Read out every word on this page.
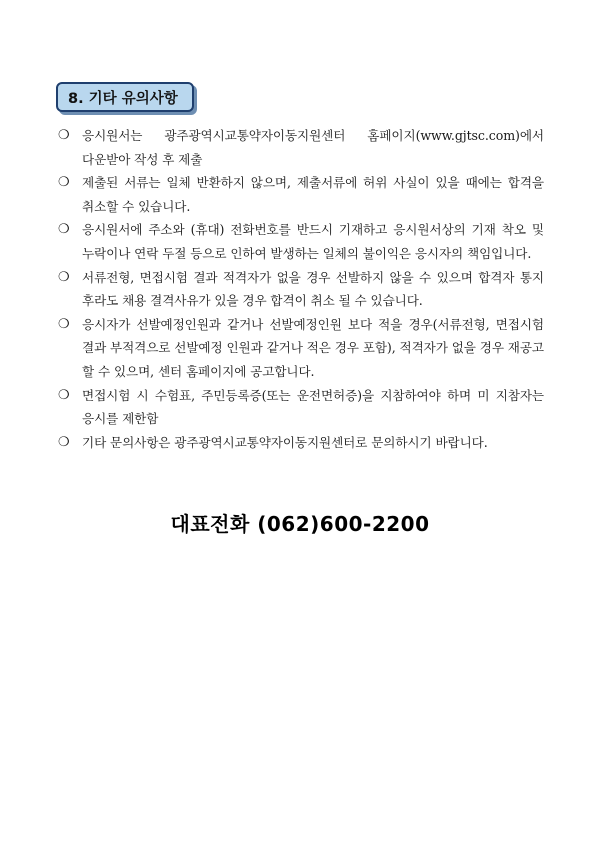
8. 기타 유의사항
❍ 응시원서는 광주광역시교통약자이동지원센터 홈페이지(www.gjtsc.com)에서 다운받아 작성 후 제출
❍ 제출된 서류는 일체 반환하지 않으며, 제출서류에 허위 사실이 있을 때에는 합격을 취소할 수 있습니다.
❍ 응시원서에 주소와 (휴대) 전화번호를 반드시 기재하고 응시원서상의 기재 착오 및 누락이나 연락 두절 등으로 인하여 발생하는 일체의 불이익은 응시자의 책임입니다.
❍ 서류전형, 면접시험 결과 적격자가 없을 경우 선발하지 않을 수 있으며 합격자 통지 후라도 채용 결격사유가 있을 경우 합격이 취소 될 수 있습니다.
❍ 응시자가 선발예정인원과 같거나 선발예정인원 보다 적을 경우(서류전형, 면접시험 결과 부적격으로 선발예정 인원과 같거나 적은 경우 포함), 적격자가 없을 경우 재공고 할 수 있으며, 센터 홈페이지에 공고합니다.
❍ 면접시험 시 수험표, 주민등록증(또는 운전면허증)을 지참하여야 하며 미 지참자는 응시를 제한함
❍ 기타 문의사항은 광주광역시교통약자이동지원센터로 문의하시기 바랍니다.
대표전화 (062)600-2200
